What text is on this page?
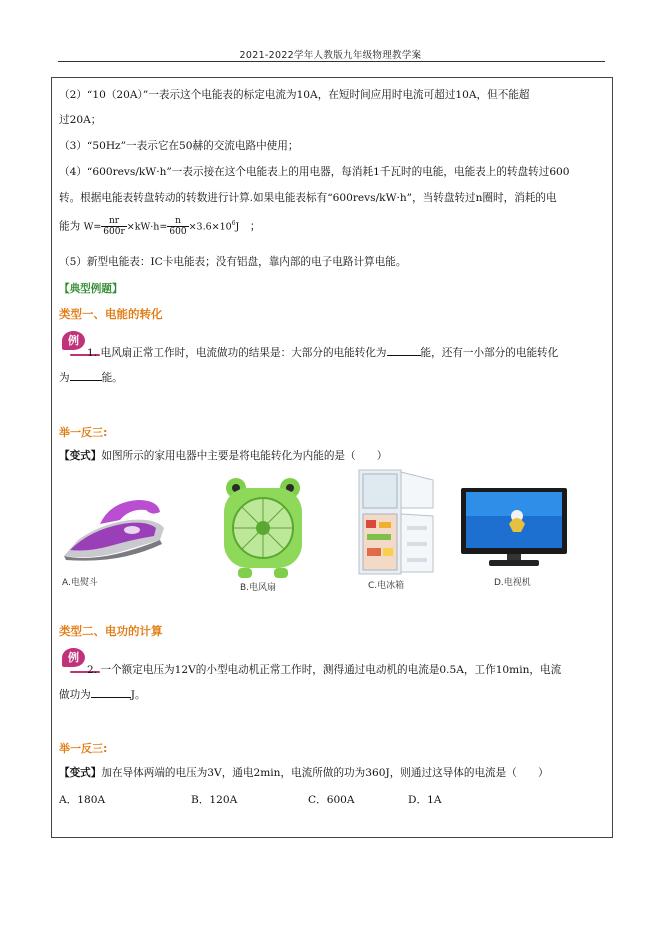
2021-2022学年人教版九年级物理教学案
（2）“10（20A）”一表示这个电能表的标定电流为10A，在短时间应用时电流可超过10A，但不能超
过20A；
（3）“50Hz”一表示它在50赫的交流电路中使用；
（4）“600revs/kW·h”一表示接在这个电能表上的用电器，每消耗1千瓦时的电能，电能表上的转盘转过600
转。根据电能表转盘转动的转数进行计算.如果电能表标有“600revs/kW·h”，当转盘转过n圈时，消耗的电
能为 $W= \frac{nr}{600r} \times kW\cdot h= \frac{n}{600} \times 3.6\times 10^6J$　 ；
（5）新型电能表：IC卡电能表；没有铝盘，靠内部的电子电路计算电能。
【典型例题】
类型一、电能的转化
例
1. 电风扇正常工作时，电流做功的结果是：大部分的电能转化为	能，还有一小部分的电能转化
为	能。
举一反三:
【变式】如图所示的家用电器中主要是将电能转化为内能的是（　　）
A.电熨斗	B.电风扇	C.电冰箱	D.电视机
类型二、电功的计算
例
2. 一个额定电压为12V的小型电动机正常工作时，测得通过电动机的电流是0.5A，工作10min，电流
做功为	J。
举一反三:
【变式】加在导体两端的电压为3V，通电2min，电流所做的功为360J，则通过这导体的电流是（　　）
A．180A	B．120A	C．600A	D．1A
